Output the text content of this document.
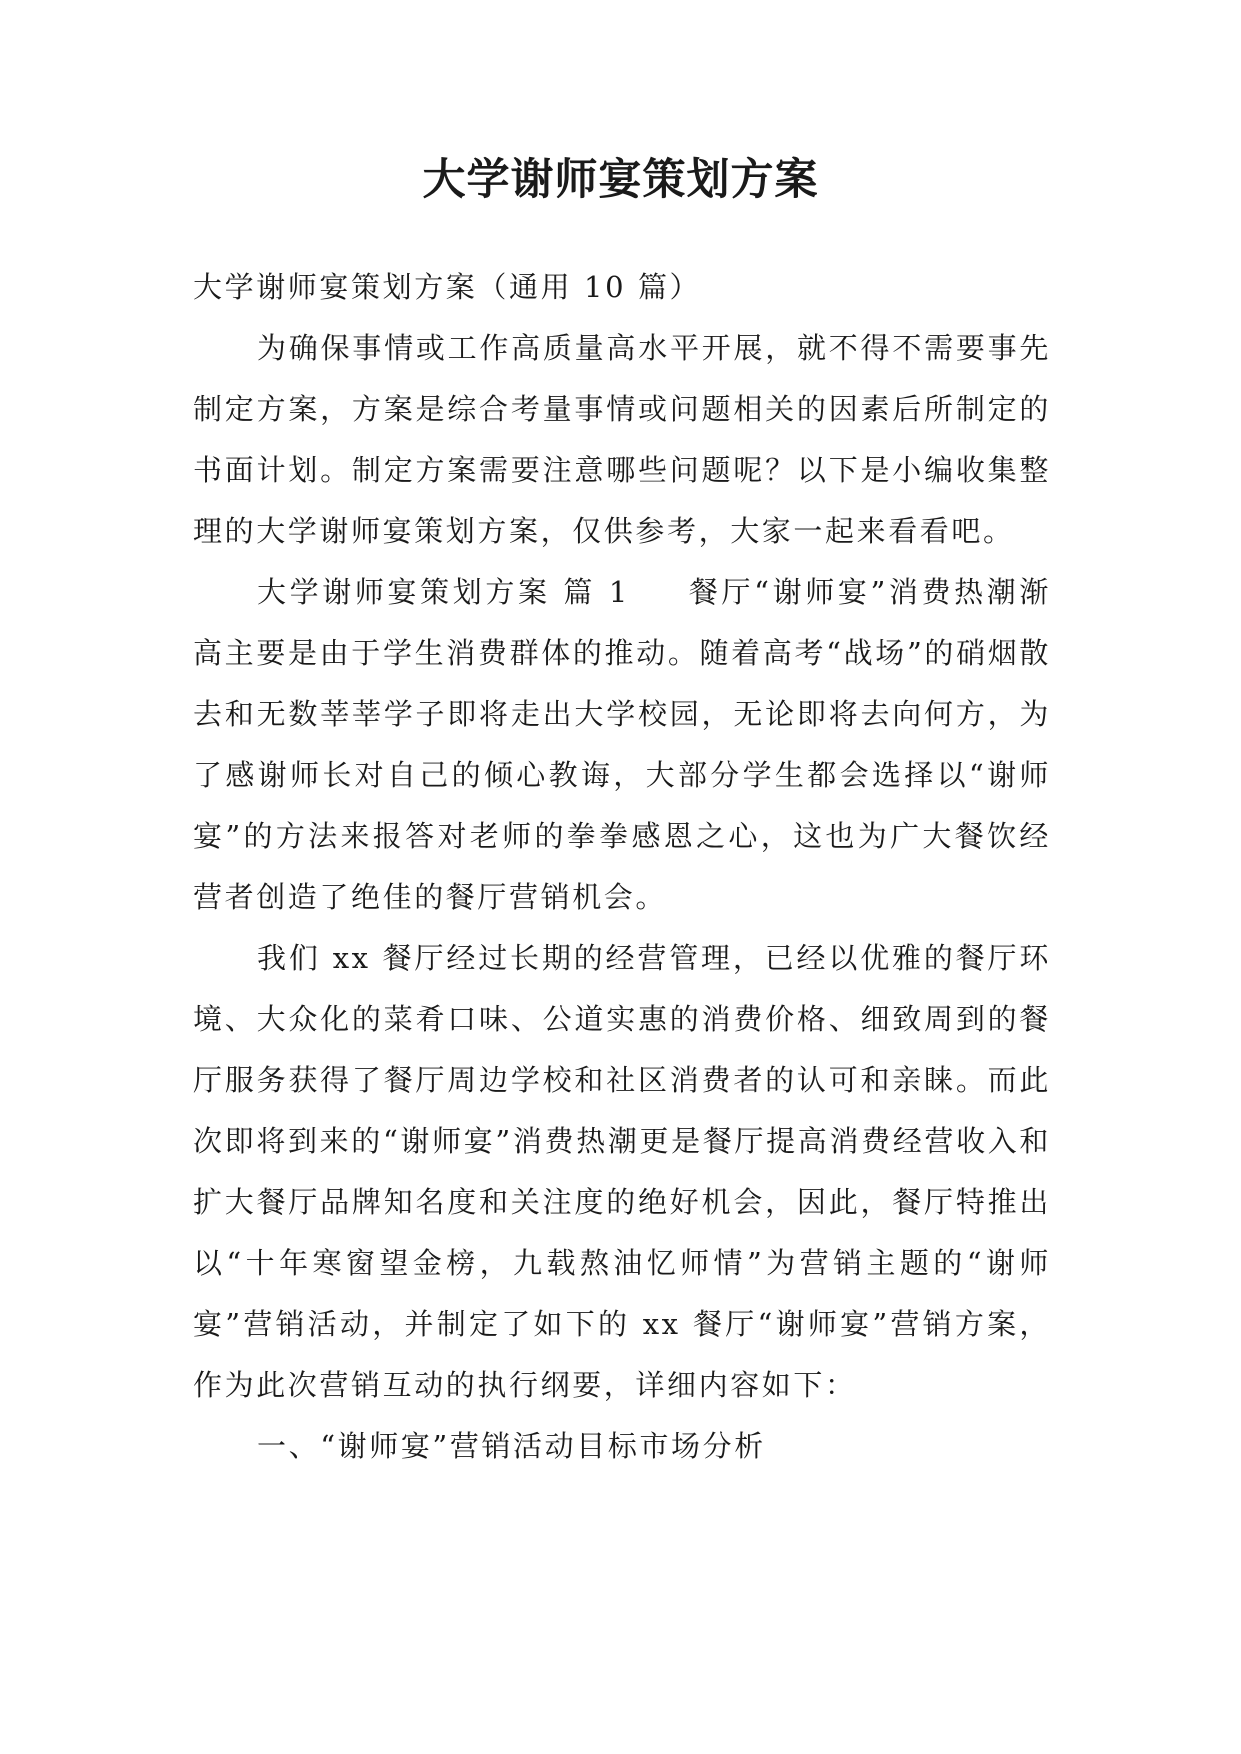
大学谢师宴策划方案

大学谢师宴策划方案（通用 10 篇）

为确保事情或工作高质量高水平开展，就不得不需要事先制定方案，方案是综合考量事情或问题相关的因素后所制定的书面计划。制定方案需要注意哪些问题呢？以下是小编收集整理的大学谢师宴策划方案，仅供参考，大家一起来看看吧。

大学谢师宴策划方案 篇 1 餐厅“谢师宴”消费热潮渐高主要是由于学生消费群体的推动。随着高考“战场”的硝烟散去和无数莘莘学子即将走出大学校园，无论即将去向何方，为了感谢师长对自己的倾心教诲，大部分学生都会选择以“谢师宴”的方法来报答对老师的拳拳感恩之心，这也为广大餐饮经营者创造了绝佳的餐厅营销机会。

我们 xx 餐厅经过长期的经营管理，已经以优雅的餐厅环境、大众化的菜肴口味、公道实惠的消费价格、细致周到的餐厅服务获得了餐厅周边学校和社区消费者的认可和亲睐。而此次即将到来的“谢师宴”消费热潮更是餐厅提高消费经营收入和扩大餐厅品牌知名度和关注度的绝好机会，因此，餐厅特推出以“十年寒窗望金榜，九载熬油忆师情”为营销主题的“谢师宴”营销活动，并制定了如下的 xx 餐厅“谢师宴”营销方案，作为此次营销互动的执行纲要，详细内容如下：

一、“谢师宴”营销活动目标市场分析
